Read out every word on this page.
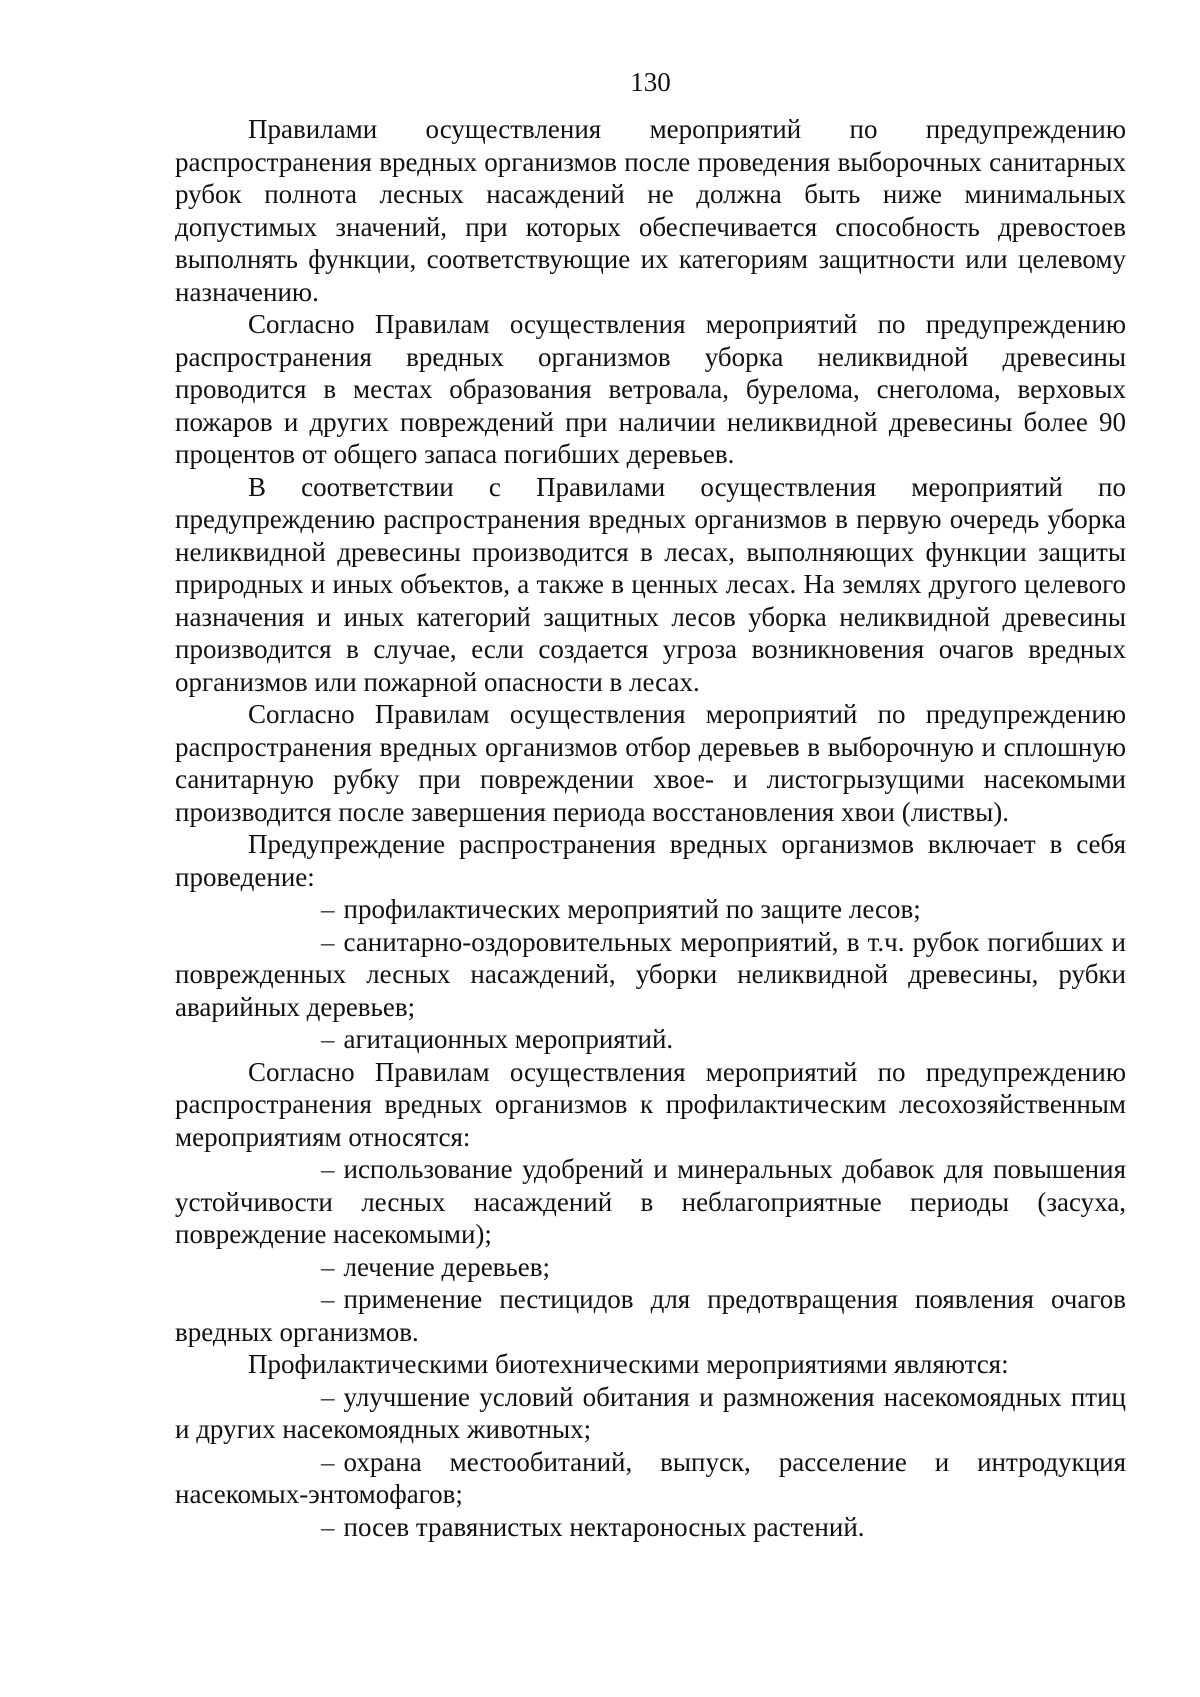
130

Правилами осуществления мероприятий по предупреждению распространения вредных организмов после проведения выборочных санитарных рубок полнота лесных насаждений не должна быть ниже минимальных допустимых значений, при которых обеспечивается способность древостоев выполнять функции, соответствующие их категориям защитности или целевому назначению.

Согласно Правилам осуществления мероприятий по предупреждению распространения вредных организмов уборка неликвидной древесины проводится в местах образования ветровала, бурелома, снеголома, верховых пожаров и других повреждений при наличии неликвидной древесины более 90 процентов от общего запаса погибших деревьев.

В соответствии с Правилами осуществления мероприятий по предупреждению распространения вредных организмов в первую очередь уборка неликвидной древесины производится в лесах, выполняющих функции защиты природных и иных объектов, а также в ценных лесах. На землях другого целевого назначения и иных категорий защитных лесов уборка неликвидной древесины производится в случае, если создается угроза возникновения очагов вредных организмов или пожарной опасности в лесах.

Согласно Правилам осуществления мероприятий по предупреждению распространения вредных организмов отбор деревьев в выборочную и сплошную санитарную рубку при повреждении хвое- и листогрызущими насекомыми производится после завершения периода восстановления хвои (листвы).

Предупреждение распространения вредных организмов включает в себя проведение:

– профилактических мероприятий по защите лесов;

– санитарно-оздоровительных мероприятий, в т.ч. рубок погибших и поврежденных лесных насаждений, уборки неликвидной древесины, рубки аварийных деревьев;

– агитационных мероприятий.

Согласно Правилам осуществления мероприятий по предупреждению распространения вредных организмов к профилактическим лесохозяйственным мероприятиям относятся:

– использование удобрений и минеральных добавок для повышения устойчивости лесных насаждений в неблагоприятные периоды (засуха, повреждение насекомыми);

– лечение деревьев;

– применение пестицидов для предотвращения появления очагов вредных организмов.

Профилактическими биотехническими мероприятиями являются:

– улучшение условий обитания и размножения насекомоядных птиц и других насекомоядных животных;

– охрана местообитаний, выпуск, расселение и интродукция насекомых-энтомофагов;

– посев травянистых нектароносных растений.
